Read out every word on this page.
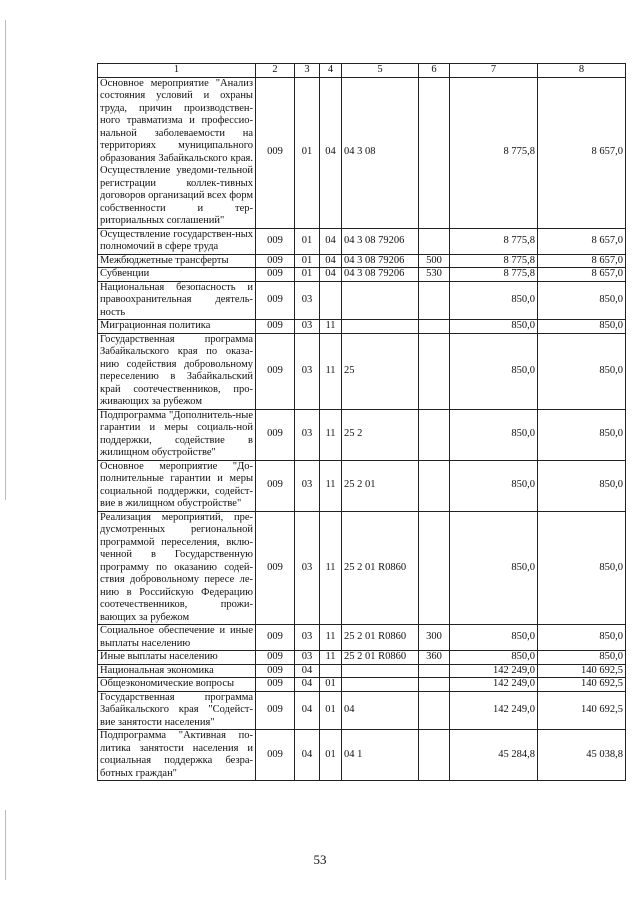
1	2	3	4	5	6	7	8
Основное мероприятие "Анализ состояния условий и охраны труда, причин производствен-ного травматизма и профессио-нальной заболеваемости на территориях муниципального образования Забайкальского края. Осуществление уведоми-тельной регистрации коллек-тивных договоров организаций всех форм собственности и тер-риториальных соглашений"	009	01	04	04 3 08		8 775,8	8 657,0
Осуществление государствен-ных полномочий в сфере труда	009	01	04	04 3 08 79206		8 775,8	8 657,0
Межбюджетные трансферты	009	01	04	04 3 08 79206	500	8 775,8	8 657,0
Субвенции	009	01	04	04 3 08 79206	530	8 775,8	8 657,0
Национальная безопасность и правоохранительная деятель-ность	009	03				850,0	850,0
Миграционная политика	009	03	11			850,0	850,0
Государственная программа Забайкальского края по оказа-нию содействия добровольному переселению в Забайкальский край соотечественников, про-живающих за рубежом	009	03	11	25		850,0	850,0
Подпрограмма "Дополнитель-ные гарантии и меры социаль-ной поддержки, содействие в жилищном обустройстве"	009	03	11	25 2		850,0	850,0
Основное мероприятие "До-полнительные гарантии и меры социальной поддержки, содейст-вие в жилищном обустройстве"	009	03	11	25 2 01		850,0	850,0
Реализация мероприятий, пре-дусмотренных региональной программой переселения, вклю-ченной в Государственную программу по оказанию содей-ствия добровольному пересе ле-нию в Российскую Федерацию соотечественников, прожи-вающих за рубежом	009	03	11	25 2 01 R0860		850,0	850,0
Социальное обеспечение и иные выплаты населению	009	03	11	25 2 01 R0860	300	850,0	850,0
Иные выплаты населению	009	03	11	25 2 01 R0860	360	850,0	850,0
Национальная экономика	009	04				142 249,0	140 692,5
Общеэкономические вопросы	009	04	01			142 249,0	140 692,5
Государственная программа Забайкальского края "Содейст-вие занятости населения"	009	04	01	04		142 249,0	140 692,5
Подпрограмма "Активная по-литика занятости населения и социальная поддержка безра-ботных граждан"	009	04	01	04 1		45 284,8	45 038,8
53
